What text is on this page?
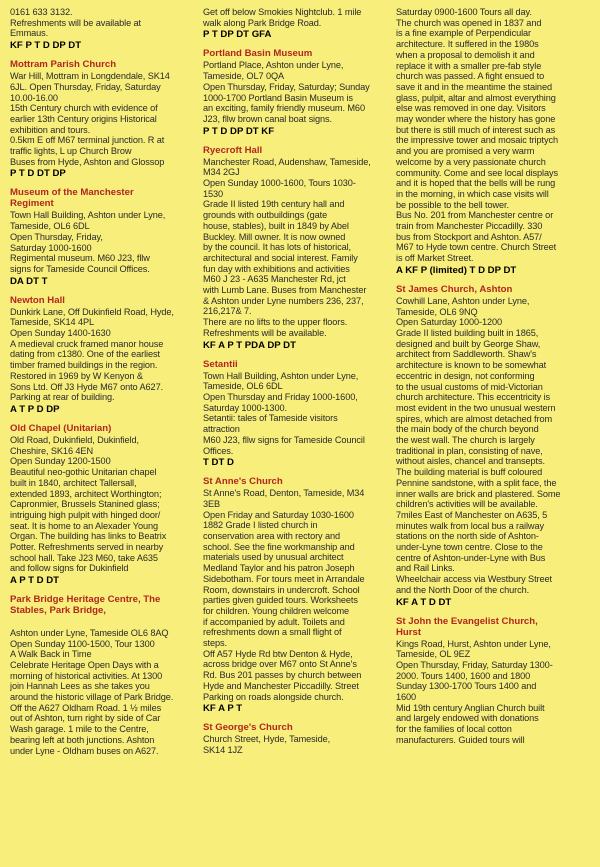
0161 633 3132.
Refreshments will be available at
Emmaus.

KF P T D DP DT

Mottram Parish Church

War Hill, Mottram in Longdendale, SK14
6JL. Open Thursday, Friday, Saturday
10.00-16.00
15th Century church with evidence of
earlier 13th Century origins Historical
exhibition and tours.
0.5km E off M67 terminal junction. R at
traffic lights, L up Church Brow
Buses from Hyde, Ashton and Glossop

P T D DT DP

Museum of the Manchester
Regiment

Town Hall Building, Ashton under Lyne,
Tameside, OL6 6DL
Open Thursday, Friday,
Saturday 1000-1600
Regimental museum. M60 J23, fllw
signs for Tameside Council Offices.

DA DT T

Newton Hall

Dunkirk Lane, Off Dukinfield Road, Hyde,
Tameside, SK14 4PL
Open Sunday 1400-1630
A medieval cruck framed manor house
dating from c1380. One of the earliest
timber framed buildings in the region.
Restored in 1969 by W Kenyon &
Sons Ltd. Off J3 Hyde M67 onto A627.
Parking at rear of building.

A T P D DP

Old Chapel (Unitarian)

Old Road, Dukinfield, Dukinfield,
Cheshire, SK16 4EN
Open Sunday 1200-1500
Beautiful neo-gothic Unitarian chapel
built in 1840, architect Tallersall,
extended 1893, architect Worthington;
Capronmier, Brussels Stanined glass;
intriguing high pulpit with hinged door/
seat. It is home to an Alexader Young
Organ. The building has links to Beatrix
Potter. Refreshments served in nearby
school hall. Take J23 M60, take A635
and follow signs for Dukinfield

A P T D DT

Park Bridge Heritage Centre, The
Stables, Park Bridge,

Ashton under Lyne, Tameside OL6 8AQ
Open Sunday 1100-1500, Tour 1300
A Walk Back in Time
Celebrate Heritage Open Days with a
morning of historical activities. At 1300
join Hannah Lees as she takes you
around the historic village of Park Bridge.
Off the A627 Oldham Road. 1 ½ miles
out of Ashton, turn right by side of Car
Wash garage. 1 mile to the Centre,
bearing left at both junctions. Ashton
under Lyne - Oldham buses on A627.

Get off below Smokies Nightclub. 1 mile
walk along Park Bridge Road.

P T DP DT GFA

Portland Basin Museum

Portland Place, Ashton under Lyne,
Tameside, OL7 0QA
Open Thursday, Friday, Saturday; Sunday
1000-1700 Portland Basin Museum is
an exciting, family friendly museum. M60
J23, fllw brown canal boat signs.

P T D DP DT KF

Ryecroft Hall

Manchester Road, Audenshaw, Tameside,
M34 2GJ
Open Sunday 1000-1600, Tours 1030-
1530
Grade II listed 19th century hall and
grounds with outbuildings (gate
house, stables), built in 1849 by Abel
Buckley. Mill owner. It is now owned
by the council. It has lots of historical,
architectural and social interest. Family
fun day with exhibitions and activities
M60 J 23 - A635 Manchester Rd, jct
with Lumb Lane. Buses from Manchester
& Ashton under Lyne numbers 236, 237,
216,217& 7.
There are no lifts to the upper floors.
Refreshments will be available.

KF A P T PDA DP DT

Setantii

Town Hall Building, Ashton under Lyne,
Tameside, OL6 6DL
Open Thursday and Friday 1000-1600,
Saturday 1000-1300.
Setantii: tales of Tameside visitors
attraction
M60 J23, fllw signs for Tameside Council
Offices.

T DT D

St Anne's Church

St Anne's Road, Denton, Tameside, M34
3EB
Open Friday and Saturday 1030-1600
1882 Grade I listed church in
conservation area with rectory and
school. See the fine workmanship and
materials used by unusual architect
Medland Taylor and his patron Joseph
Sidebotham. For tours meet in Arrandale
Room, downstairs in undercroft. School
parties given guided tours. Worksheets
for children. Young children welcome
if accompanied by adult. Toilets and
refreshments down a small flight of
steps.
Off A57 Hyde Rd btw Denton & Hyde,
across bridge over M67 onto St Anne's
Rd. Bus 201 passes by church between
Hyde and Manchester Piccadilly. Street
Parking on roads alongside church.

KF A P T

St George's Church

Church Street, Hyde, Tameside,
SK14 1JZ

Saturday 0900-1600 Tours all day.
The church was opened in 1837 and
is a fine example of Perpendicular
architecture. It suffered in the 1980s
when a proposal to demolish it and
replace it with a smaller pre-fab style
church was passed. A fight ensued to
save it and in the meantime the stained
glass, pulpit, altar and almost everything
else was removed in one day. Visitors
may wonder where the history has gone
but there is still much of interest such as
the impressive tower and mosaic triptych
and you are promised a very warm
welcome by a very passionate church
community. Come and see local displays
and it is hoped that the bells will be rung
in the morning, in which case visits will
be possible to the bell tower.
Bus No. 201 from Manchester centre or
train from Manchester Piccadilly. 330
bus from Stockport and Ashton. A57/
M67 to Hyde town centre. Church Street
is off Market Street.

A KF P (limited) T D DP DT

St James Church, Ashton

Cowhill Lane, Ashton under Lyne,
Tameside, OL6 9NQ
Open Saturday 1000-1200
Grade II listed building built in 1865,
designed and built by George Shaw,
architect from Saddleworth. Shaw's
architecture is known to be somewhat
eccentric in design, not conforming
to the usual customs of mid-Victorian
church architecture. This eccentricity is
most evident in the two unusual western
spires, which are almost detached from
the main body of the church beyond
the west wall. The church is largely
traditional in plan, consisting of nave,
without aisles, chancel and transepts.
The building material is buff coloured
Pennine sandstone, with a split face, the
inner walls are brick and plastered. Some
children's activities will be available.
7miles East of Manchester on A635, 5
minutes walk from local bus a railway
stations on the north side of Ashton-
under-Lyne town centre. Close to the
centre of Ashton-under-Lyne with Bus
and Rail Links.
Wheelchair access via Westbury Street
and the North Door of the church.

KF A T D DT

St John the Evangelist Church,
Hurst

Kings Road, Hurst, Ashton under Lyne,
Tameside, OL 9EZ
Open Thursday, Friday, Saturday 1300-
2000. Tours 1400, 1600 and 1800
Sunday 1300-1700 Tours 1400 and
1600
Mid 19th century Anglian Church built
and largely endowed with donations
for the families of local cotton
manufacturers. Guided tours will
